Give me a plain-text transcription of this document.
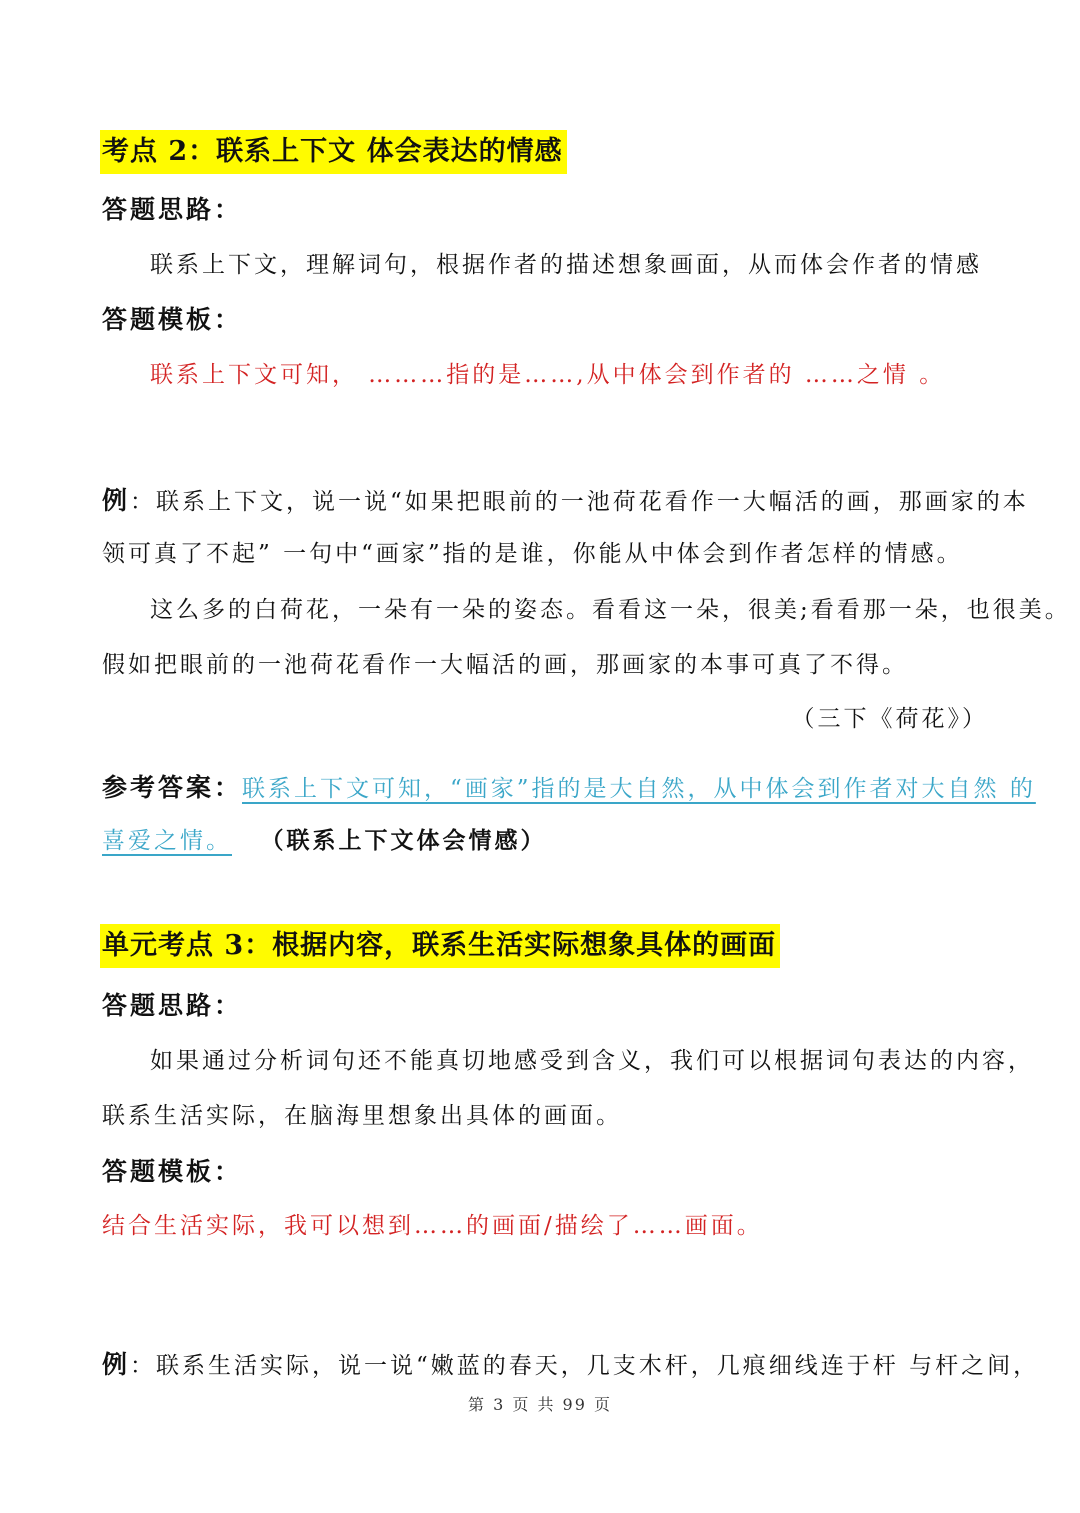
考点 2：联系上下文 体会表达的情感
答题思路：
联系上下文，理解词句，根据作者的描述想象画面，从而体会作者的情感
答题模板：
联系上下文可知， ………指的是……,从中体会到作者的 ……之情 。
例：联系上下文，说一说“如果把眼前的一池荷花看作一大幅活的画，那画家的本
领可真了不起” 一句中“画家”指的是谁，你能从中体会到作者怎样的情感。
这么多的白荷花，一朵有一朵的姿态。看看这一朵，很美;看看那一朵，也很美。
假如把眼前的一池荷花看作一大幅活的画，那画家的本事可真了不得。
（三下《荷花》）
参考答案：联系上下文可知，“画家”指的是大自然，从中体会到作者对大自然 的
喜爱之情。 （联系上下文体会情感）
单元考点 3：根据内容，联系生活实际想象具体的画面
答题思路：
如果通过分析词句还不能真切地感受到含义，我们可以根据词句表达的内容，
联系生活实际，在脑海里想象出具体的画面。
答题模板：
结合生活实际，我可以想到……的画面/描绘了……画面。
例：联系生活实际，说一说“嫩蓝的春天，几支木杆，几痕细线连于杆 与杆之间，
第 3 页 共 99 页
